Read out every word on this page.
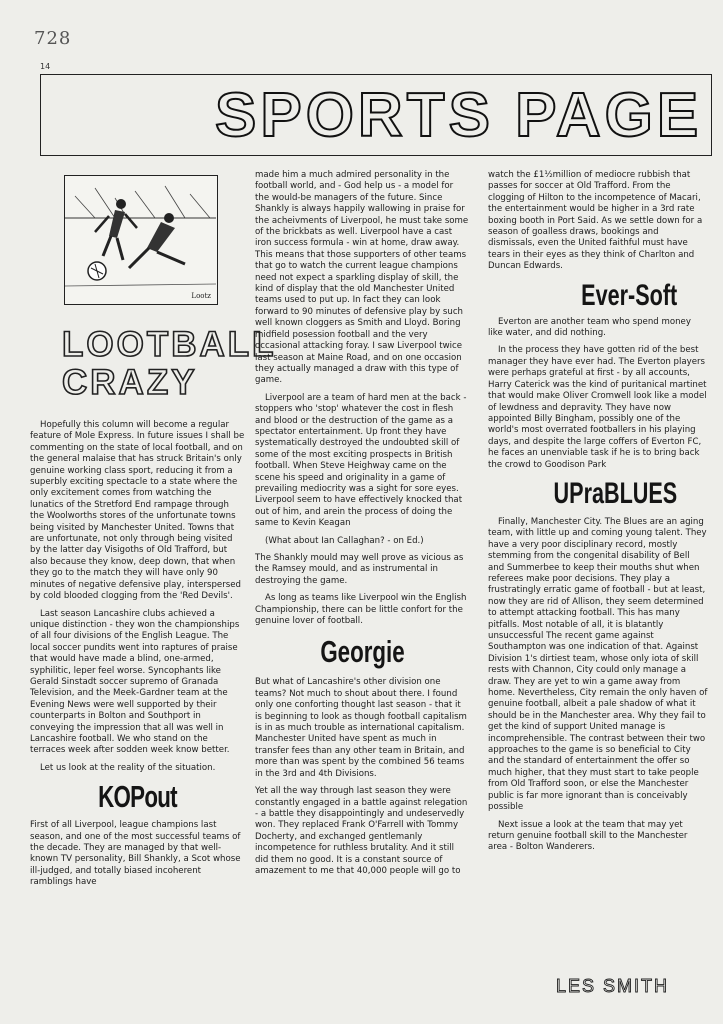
728
14
SPORTS PAGE
Lootz
LOOTBALL
CRAZY

Hopefully this column will become a regular feature of Mole Express. In future issues I shall be commenting on the state of local football, and on the general malaise that has struck Britain's only genuine working class sport, reducing it from a superbly exciting spectacle to a state where the only excitement comes from watching the lunatics of the Stretford End rampage through the Woolworths stores of the unfortunate towns being visited by Manchester United. Towns that are unfortunate, not only through being visited by the latter day Visigoths of Old Trafford, but also because they know, deep down, that when they go to the match they will have only 90 minutes of negative defensive play, interspersed by cold blooded clogging from the 'Red Devils'.

Last season Lancashire clubs achieved a unique distinction - they won the championships of all four divisions of the English League. The local soccer pundits went into raptures of praise that would have made a blind, one-armed, syphilitic, leper feel worse. Syncophants like Gerald Sinstadt soccer supremo of Granada Television, and the Meek-Gardner team at the Evening News were well supported by their counterparts in Bolton and Southport in conveying the impression that all was well in Lancashire football. We who stand on the terraces week after sodden week know better.

Let us look at the reality of the situation.

KOPout

First of all Liverpool, league champions last season, and one of the most successful teams of the decade. They are managed by that well-known TV personality, Bill Shankly, a Scot whose ill-judged, and totally biased incoherent ramblings have

made him a much admired personality in the football world, and - God help us - a model for the would-be managers of the future. Since Shankly is always happily wallowing in praise for the acheivments of Liverpool, he must take some of the brickbats as well. Liverpool have a cast iron success formula - win at home, draw away. This means that those supporters of other teams that go to watch the current league champions need not expect a sparkling display of skill, the kind of display that the old Manchester United teams used to put up. In fact they can look forward to 90 minutes of defensive play by such well known cloggers as Smith and Lloyd. Boring midfield posession football and the very occasional attacking foray. I saw Liverpool twice last season at Maine Road, and on one occasion they actually managed a draw with this type of game.

Liverpool are a team of hard men at the back - stoppers who 'stop' whatever the cost in flesh and blood or the destruction of the game as a spectator entertainment. Up front they have systematically destroyed the undoubted skill of some of the most exciting prospects in British football. When Steve Heighway came on the scene his speed and originality in a game of prevailing mediocrity was a sight for sore eyes. Liverpool seem to have effectively knocked that out of him, and arein the process of doing the same to Kevin Keagan

(What about Ian Callaghan? - on Ed.)

The Shankly mould may well prove as vicious as the Ramsey mould, and as instrumental in destroying the game.

As long as teams like Liverpool win the English Championship, there can be little confort for the genuine lover of football.

Georgie

But what of Lancashire's other division one teams? Not much to shout about there. I found only one conforting thought last season - that it is beginning to look as though football capitalism is in as much trouble as international capitalism. Manchester United have spent as much in transfer fees than any other team in Britain, and more than was spent by the combined 56 teams in the 3rd and 4th Divisions.

Yet all the way through last season they were constantly engaged in a battle against relegation - a battle they disappointingly and undeservedly won. They replaced Frank O'Farrell with Tommy Docherty, and exchanged gentlemanly incompetence for ruthless brutality. And it still did them no good. It is a constant source of amazement to me that 40,000 people will go to

watch the £1½million of mediocre rubbish that passes for soccer at Old Trafford. From the clogging of Hilton to the incompetence of Macari, the entertainment would be higher in a 3rd rate boxing booth in Port Said. As we settle down for a season of goalless draws, bookings and dismissals, even the United faithful must have tears in their eyes as they think of Charlton and Duncan Edwards.

Ever-Soft

Everton are another team who spend money like water, and did nothing.

In the process they have gotten rid of the best manager they have ever had. The Everton players were perhaps grateful at first - by all accounts, Harry Caterick was the kind of puritanical martinet that would make Oliver Cromwell look like a model of lewdness and depravity. They have now appointed Billy Bingham, possibly one of the world's most overrated footballers in his playing days, and despite the large coffers of Everton FC, he faces an unenviable task if he is to bring back the crowd to Goodison Park

UPraBLUES

Finally, Manchester City. The Blues are an aging team, with little up and coming young talent. They have a very poor disciplinary record, mostly stemming from the congenital disability of Bell and Summerbee to keep their mouths shut when referees make poor decisions. They play a frustratingly erratic game of football - but at least, now they are rid of Allison, they seem determined to attempt attacking football. This has many pitfalls. Most notable of all, it is blatantly unsuccessful The recent game against Southampton was one indication of that. Against Division 1's dirtiest team, whose only iota of skill rests with Channon, City could only manage a draw. They are yet to win a game away from home. Nevertheless, City remain the only haven of genuine football, albeit a pale shadow of what it should be in the Manchester area. Why they fail to get the kind of support United manage is incomprehensible. The contrast between their two approaches to the game is so beneficial to City and the standard of entertainment the offer so much higher, that they must start to take people from Old Trafford soon, or else the Manchester public is far more ignorant than is conceivably possible

Next issue a look at the team that may yet return genuine football skill to the Manchester area - Bolton Wanderers.

LES SMITH
